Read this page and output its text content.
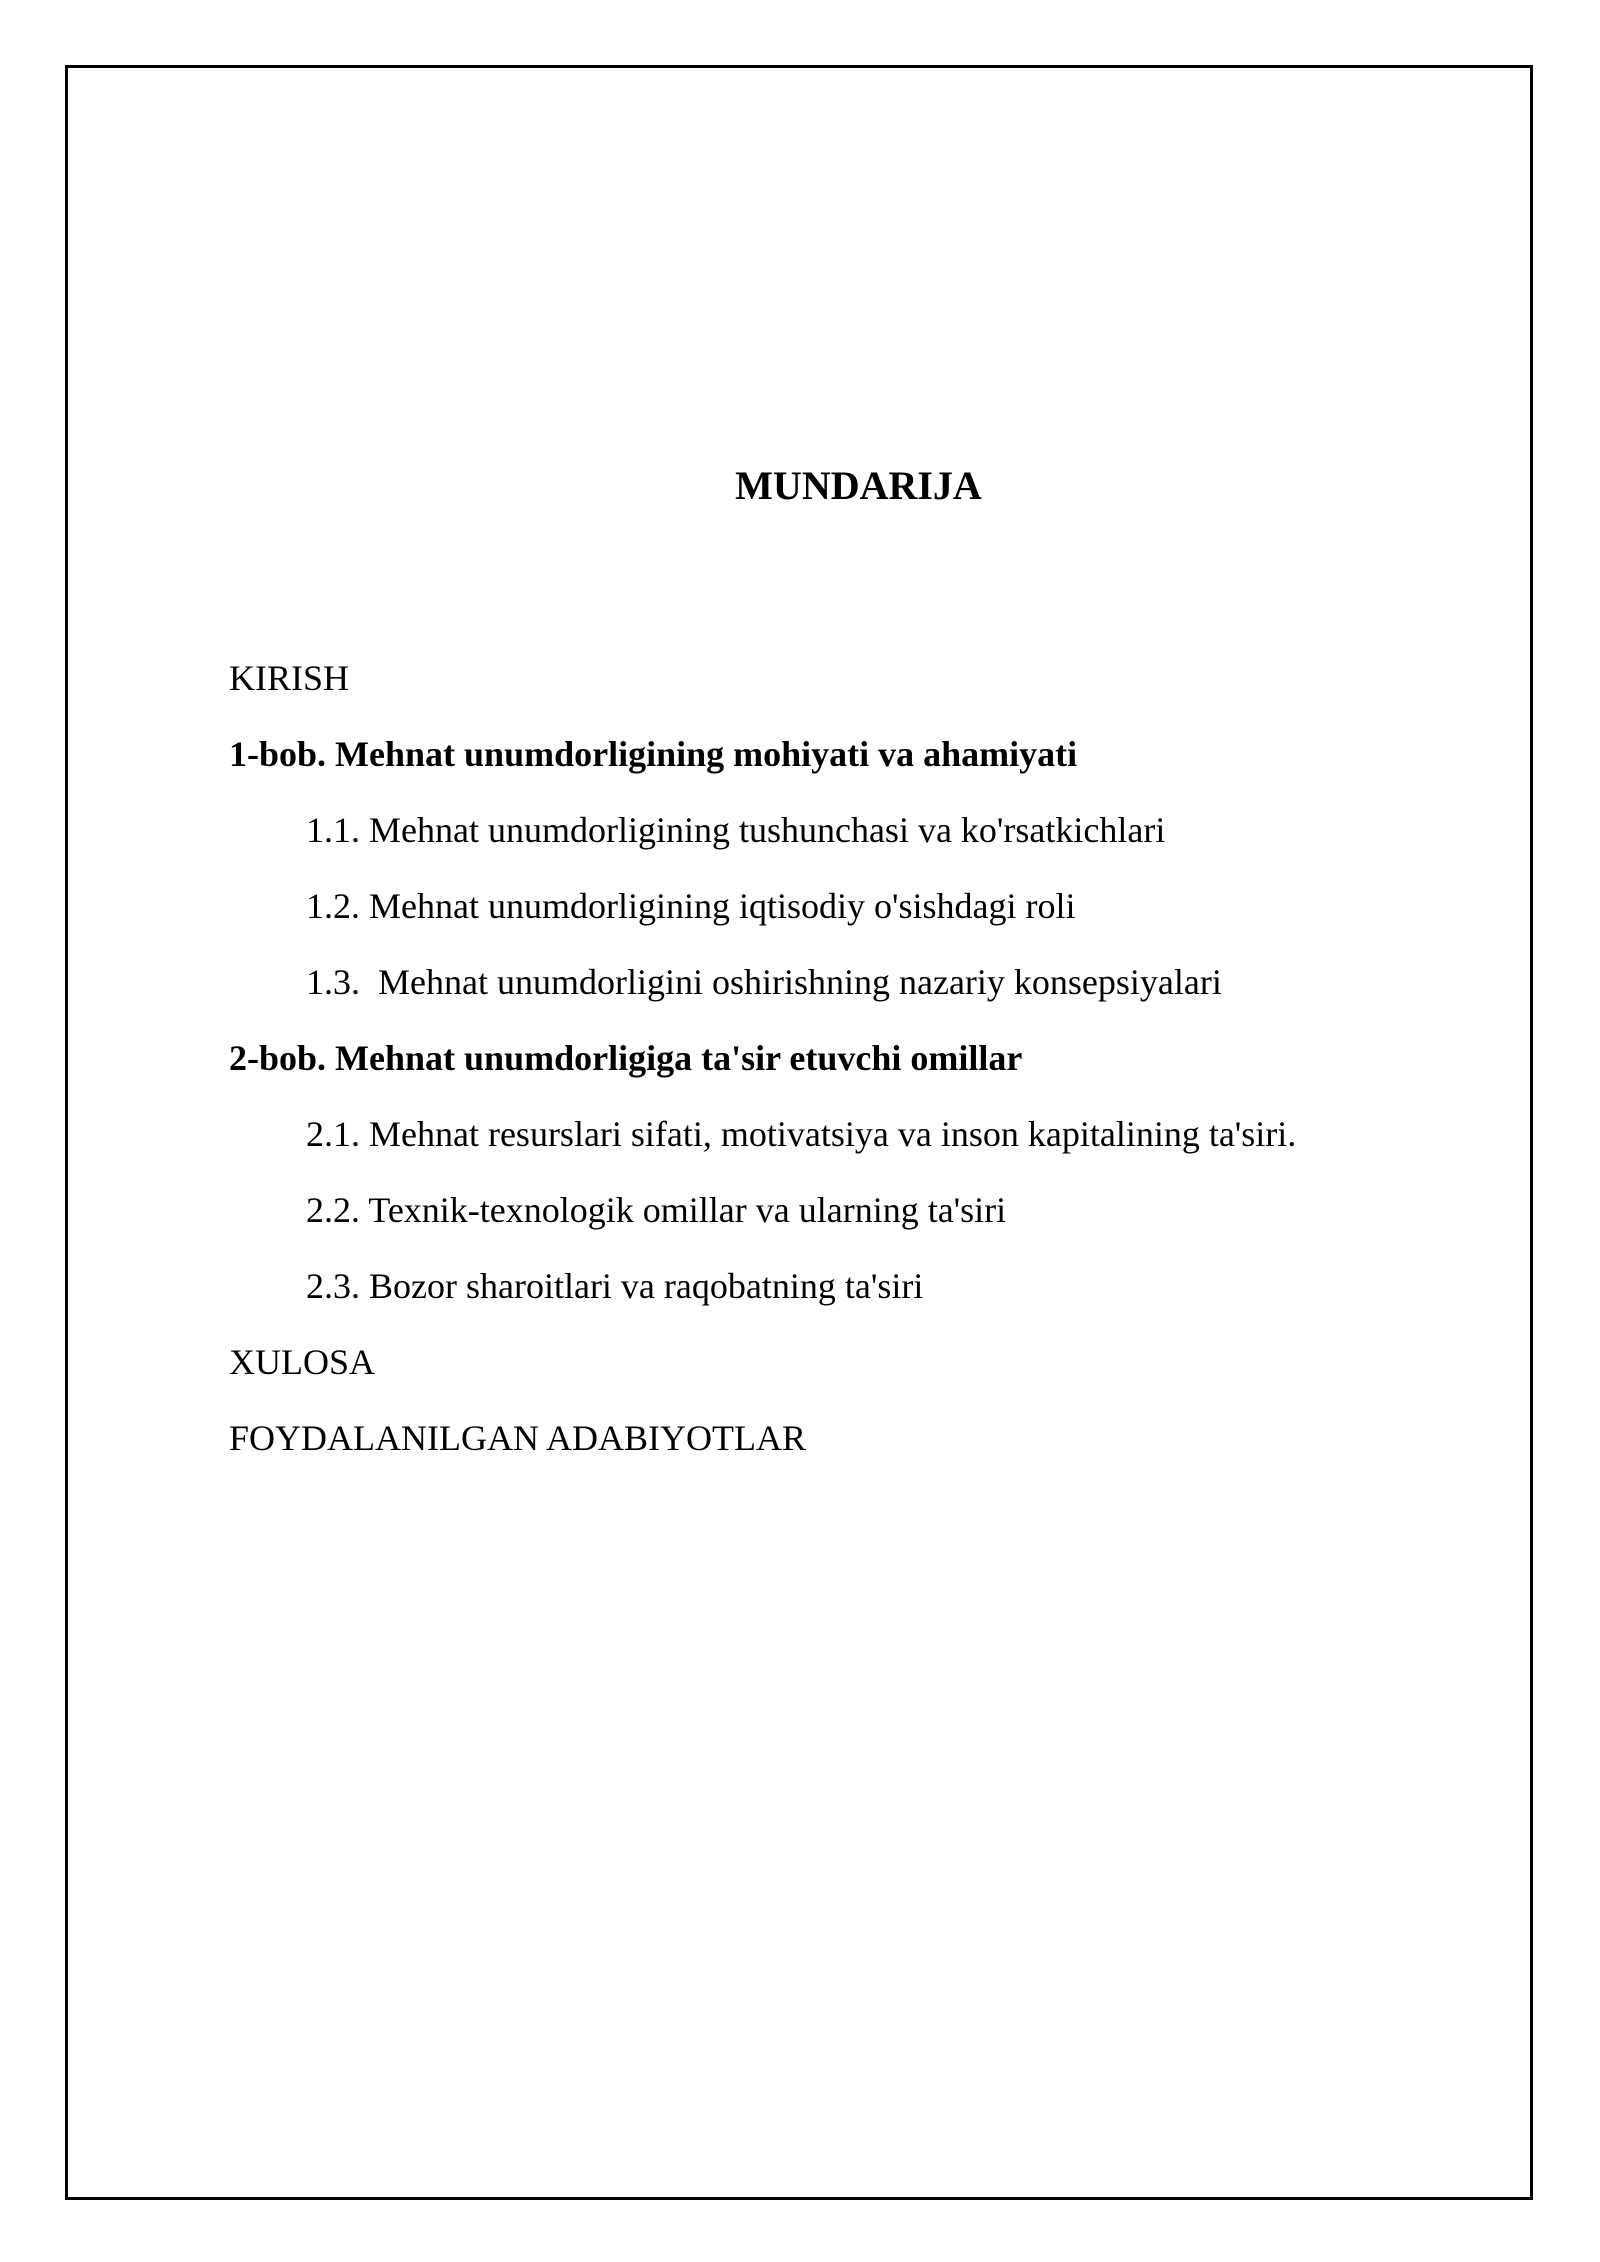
MUNDARIJA
KIRISH
1-bob. Mehnat unumdorligining mohiyati va ahamiyati
1.1. Mehnat unumdorligining tushunchasi va ko'rsatkichlari
1.2. Mehnat unumdorligining iqtisodiy o'sishdagi roli
1.3.  Mehnat unumdorligini oshirishning nazariy konsepsiyalari
2-bob. Mehnat unumdorligiga ta'sir etuvchi omillar
2.1. Mehnat resurslari sifati, motivatsiya va inson kapitalining ta'siri.
2.2. Texnik-texnologik omillar va ularning ta'siri
2.3. Bozor sharoitlari va raqobatning ta'siri
XULOSA
FOYDALANILGAN ADABIYOTLAR
